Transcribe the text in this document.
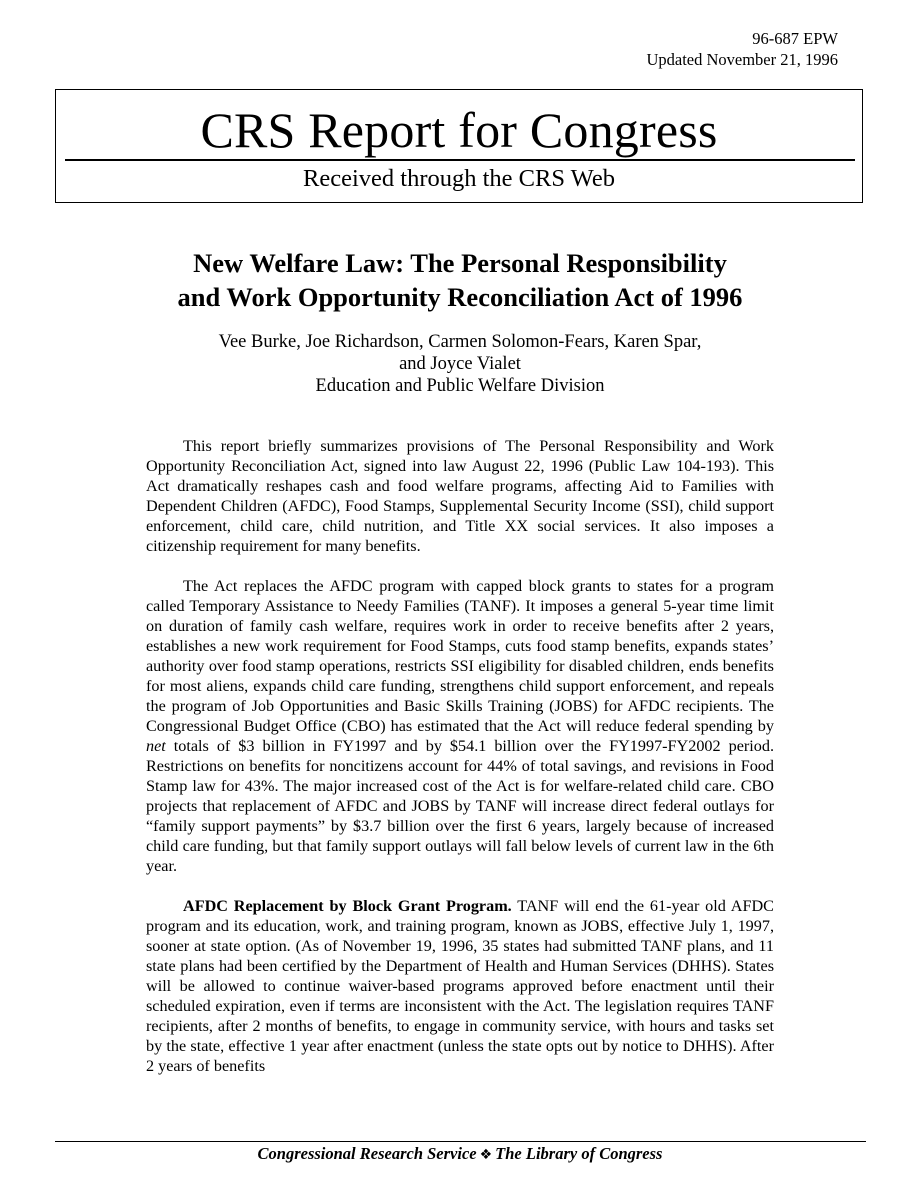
96-687 EPW
Updated November 21, 1996
CRS Report for Congress
Received through the CRS Web
New Welfare Law: The Personal Responsibility
and Work Opportunity Reconciliation Act of 1996
Vee Burke, Joe Richardson, Carmen Solomon-Fears, Karen Spar,
and Joyce Vialet
Education and Public Welfare Division

This report briefly summarizes provisions of The Personal Responsibility and Work Opportunity Reconciliation Act, signed into law August 22, 1996 (Public Law 104-193). This Act dramatically reshapes cash and food welfare programs, affecting Aid to Families with Dependent Children (AFDC), Food Stamps, Supplemental Security Income (SSI), child support enforcement, child care, child nutrition, and Title XX social services. It also imposes a citizenship requirement for many benefits.

The Act replaces the AFDC program with capped block grants to states for a program called Temporary Assistance to Needy Families (TANF). It imposes a general 5-year time limit on duration of family cash welfare, requires work in order to receive benefits after 2 years, establishes a new work requirement for Food Stamps, cuts food stamp benefits, expands states’ authority over food stamp operations, restricts SSI eligibility for disabled children, ends benefits for most aliens, expands child care funding, strengthens child support enforcement, and repeals the program of Job Opportunities and Basic Skills Training (JOBS) for AFDC recipients. The Congressional Budget Office (CBO) has estimated that the Act will reduce federal spending by net totals of $3 billion in FY1997 and by $54.1 billion over the FY1997-FY2002 period. Restrictions on benefits for noncitizens account for 44% of total savings, and revisions in Food Stamp law for 43%. The major increased cost of the Act is for welfare-related child care. CBO projects that replacement of AFDC and JOBS by TANF will increase direct federal outlays for “family support payments” by $3.7 billion over the first 6 years, largely because of increased child care funding, but that family support outlays will fall below levels of current law in the 6th year.

AFDC Replacement by Block Grant Program. TANF will end the 61-year old AFDC program and its education, work, and training program, known as JOBS, effective July 1, 1997, sooner at state option. (As of November 19, 1996, 35 states had submitted TANF plans, and 11 state plans had been certified by the Department of Health and Human Services (DHHS). States will be allowed to continue waiver-based programs approved before enactment until their scheduled expiration, even if terms are inconsistent with the Act. The legislation requires TANF recipients, after 2 months of benefits, to engage in community service, with hours and tasks set by the state, effective 1 year after enactment (unless the state opts out by notice to DHHS). After 2 years of benefits

Congressional Research Service ❖ The Library of Congress
